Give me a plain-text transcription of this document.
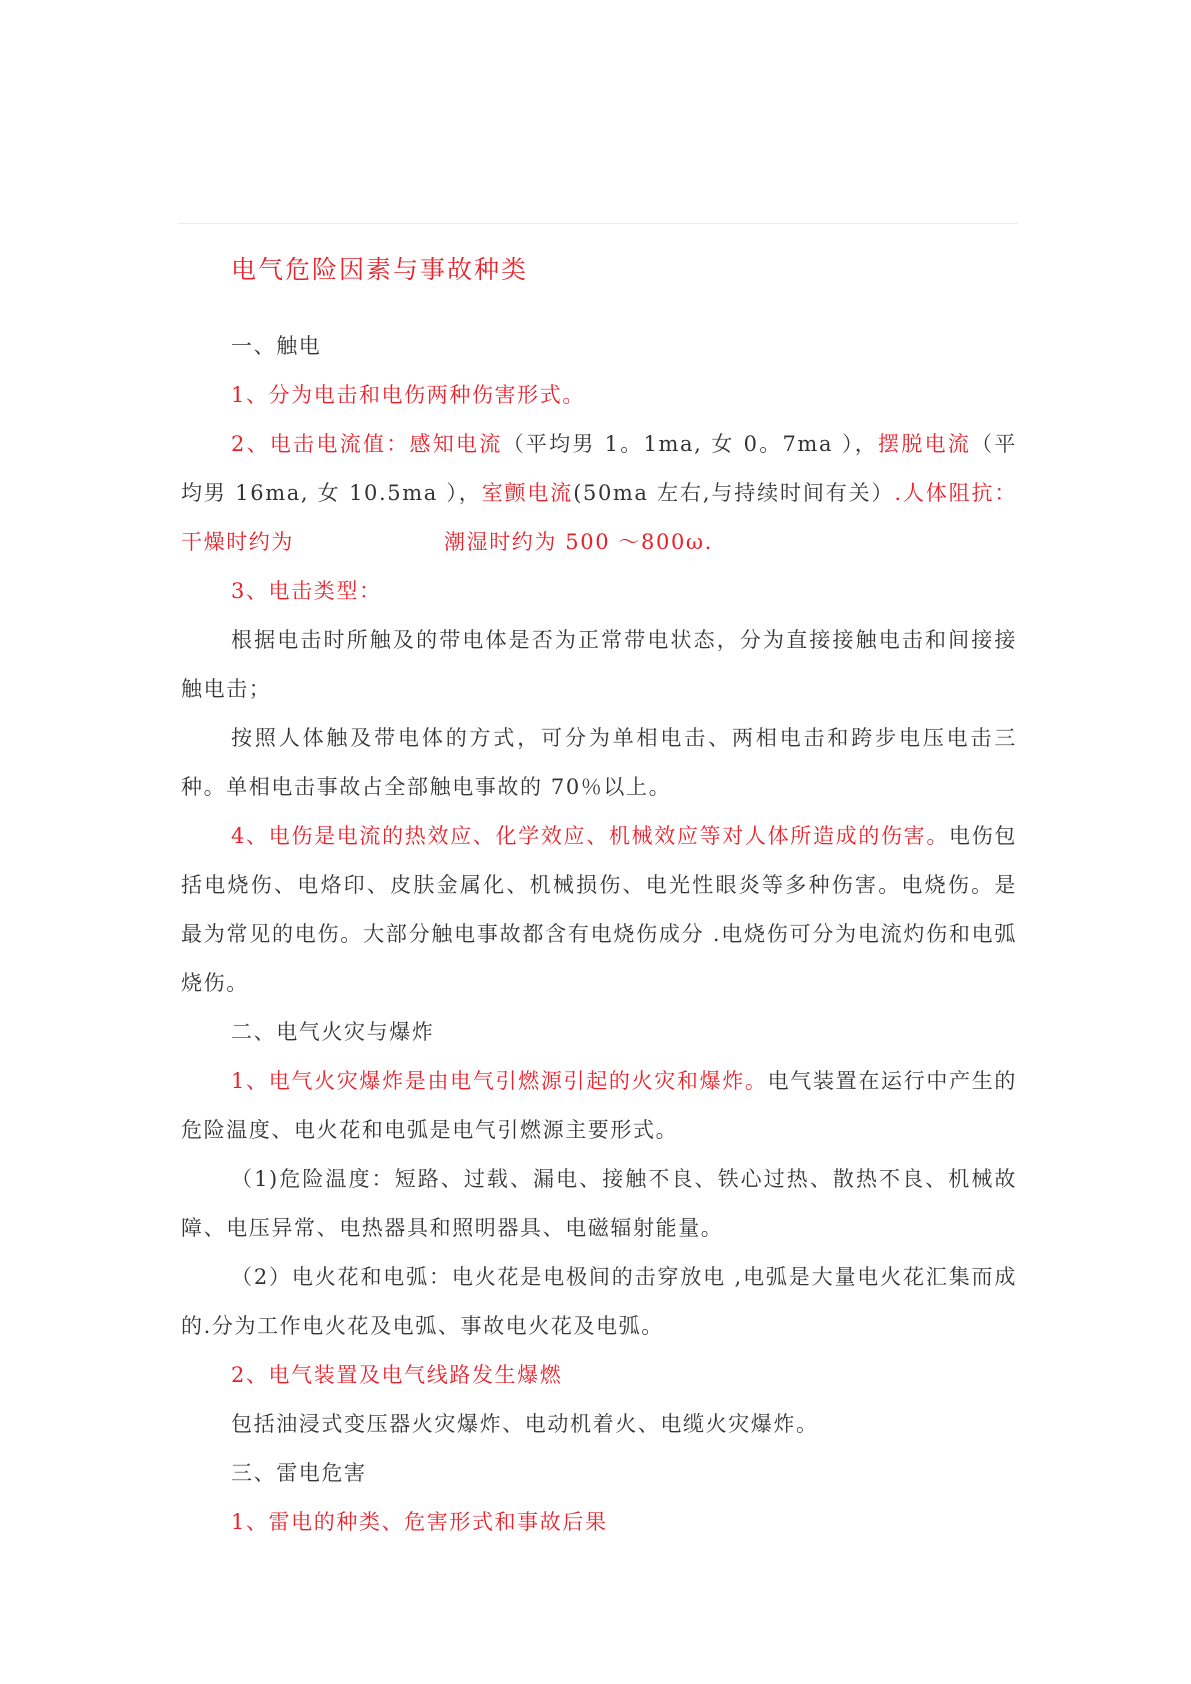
电气危险因素与事故种类

一、触电

1、分为电击和电伤两种伤害形式。

2、电击电流值：感知电流（平均男 1。1ma, 女 0。7ma ），摆脱电流（平均男 16ma, 女 10.5ma ），室颤电流(50ma 左右,与持续时间有关）.人体阻抗：干燥时约为	潮湿时约为 500 ～800ω.

3、电击类型：

根据电击时所触及的带电体是否为正常带电状态，分为直接接触电击和间接接触电击；

按照人体触及带电体的方式，可分为单相电击、两相电击和跨步电压电击三种。单相电击事故占全部触电事故的 70％以上。

4、电伤是电流的热效应、化学效应、机械效应等对人体所造成的伤害。电伤包括电烧伤、电烙印、皮肤金属化、机械损伤、电光性眼炎等多种伤害。电烧伤。是最为常见的电伤。大部分触电事故都含有电烧伤成分 .电烧伤可分为电流灼伤和电弧烧伤。

二、电气火灾与爆炸

1、电气火灾爆炸是由电气引燃源引起的火灾和爆炸。电气装置在运行中产生的危险温度、电火花和电弧是电气引燃源主要形式。

（1)危险温度：短路、过载、漏电、接触不良、铁心过热、散热不良、机械故障、电压异常、电热器具和照明器具、电磁辐射能量。

（2）电火花和电弧：电火花是电极间的击穿放电 ,电弧是大量电火花汇集而成的.分为工作电火花及电弧、事故电火花及电弧。

2、电气装置及电气线路发生爆燃

包括油浸式变压器火灾爆炸、电动机着火、电缆火灾爆炸。

三、雷电危害

1、雷电的种类、危害形式和事故后果
